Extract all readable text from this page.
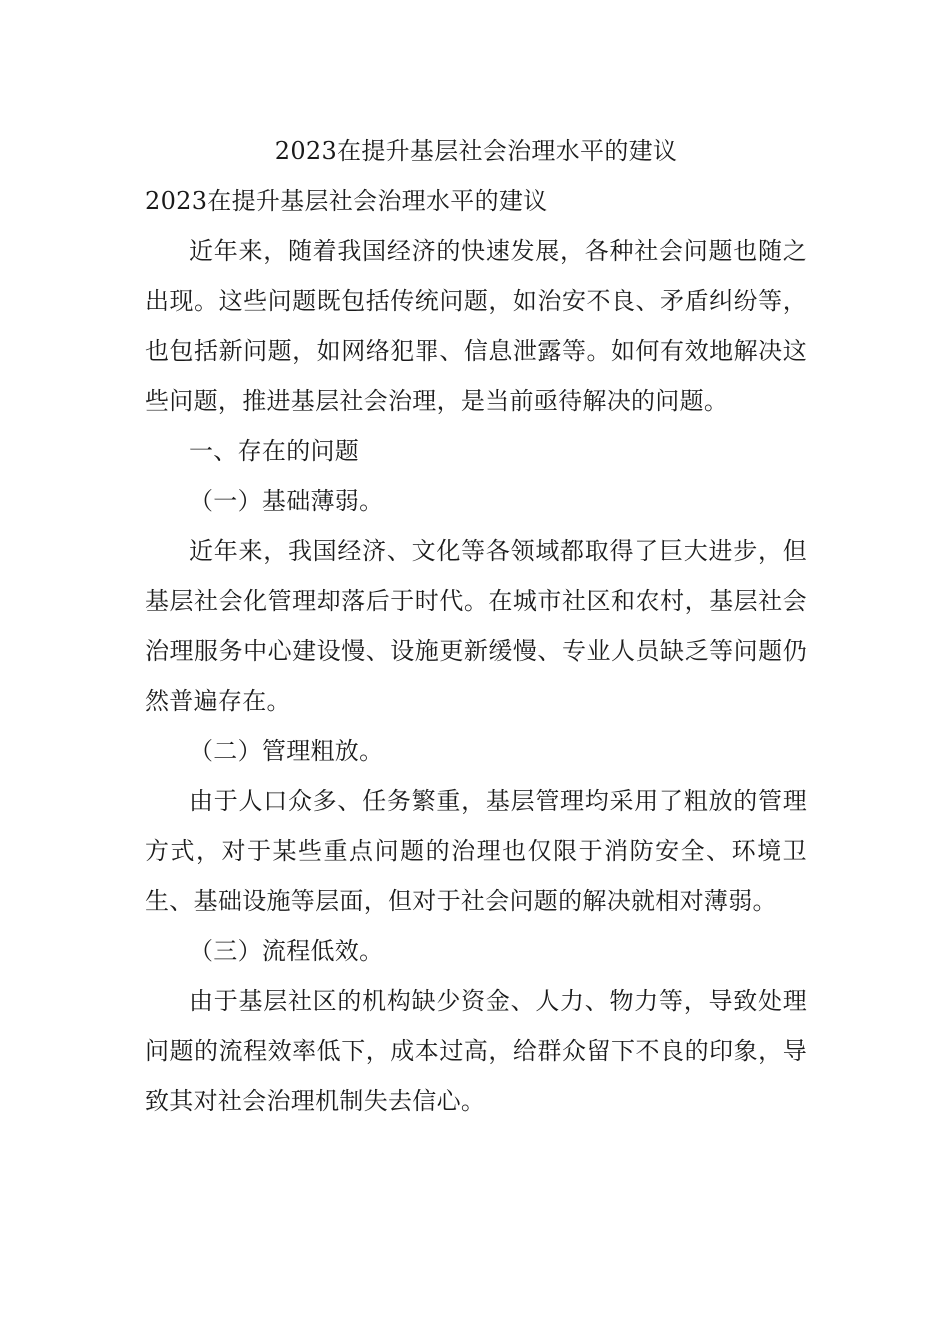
2023在提升基层社会治理水平的建议

2023在提升基层社会治理水平的建议

近年来，随着我国经济的快速发展，各种社会问题也随之出现。这些问题既包括传统问题，如治安不良、矛盾纠纷等，也包括新问题，如网络犯罪、信息泄露等。如何有效地解决这些问题，推进基层社会治理，是当前亟待解决的问题。

一、存在的问题

（一）基础薄弱。

近年来，我国经济、文化等各领域都取得了巨大进步，但基层社会化管理却落后于时代。在城市社区和农村，基层社会治理服务中心建设慢、设施更新缓慢、专业人员缺乏等问题仍然普遍存在。

（二）管理粗放。

由于人口众多、任务繁重，基层管理均采用了粗放的管理方式，对于某些重点问题的治理也仅限于消防安全、环境卫生、基础设施等层面，但对于社会问题的解决就相对薄弱。

（三）流程低效。

由于基层社区的机构缺少资金、人力、物力等，导致处理问题的流程效率低下，成本过高，给群众留下不良的印象，导致其对社会治理机制失去信心。
